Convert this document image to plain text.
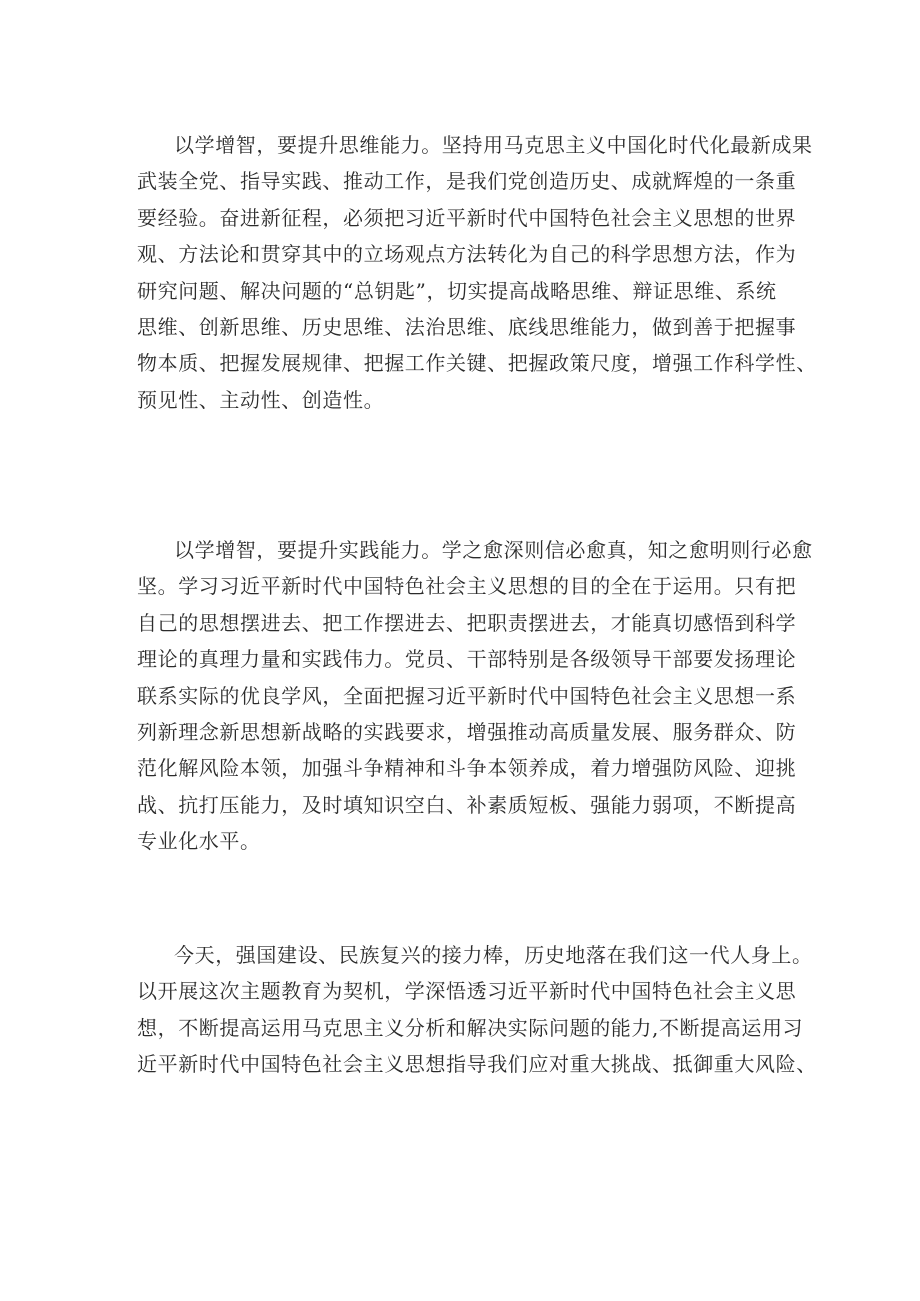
以学增智，要提升思维能力。坚持用马克思主义中国化时代化最新成果
武装全党、指导实践、推动工作，是我们党创造历史、成就辉煌的一条重
要经验。奋进新征程，必须把习近平新时代中国特色社会主义思想的世界
观、方法论和贯穿其中的立场观点方法转化为自己的科学思想方法，作为
研究问题、解决问题的“总钥匙”，切实提高战略思维、辩证思维、系统
思维、创新思维、历史思维、法治思维、底线思维能力，做到善于把握事
物本质、把握发展规律、把握工作关键、把握政策尺度，增强工作科学性、
预见性、主动性、创造性。
以学增智，要提升实践能力。学之愈深则信必愈真，知之愈明则行必愈
坚。学习习近平新时代中国特色社会主义思想的目的全在于运用。只有把
自己的思想摆进去、把工作摆进去、把职责摆进去，才能真切感悟到科学
理论的真理力量和实践伟力。党员、干部特别是各级领导干部要发扬理论
联系实际的优良学风，全面把握习近平新时代中国特色社会主义思想一系
列新理念新思想新战略的实践要求，增强推动高质量发展、服务群众、防
范化解风险本领，加强斗争精神和斗争本领养成，着力增强防风险、迎挑
战、抗打压能力，及时填知识空白、补素质短板、强能力弱项，不断提高
专业化水平。
今天，强国建设、民族复兴的接力棒，历史地落在我们这一代人身上。
以开展这次主题教育为契机，学深悟透习近平新时代中国特色社会主义思
想，不断提高运用马克思主义分析和解决实际问题的能力,不断提高运用习
近平新时代中国特色社会主义思想指导我们应对重大挑战、抵御重大风险、
